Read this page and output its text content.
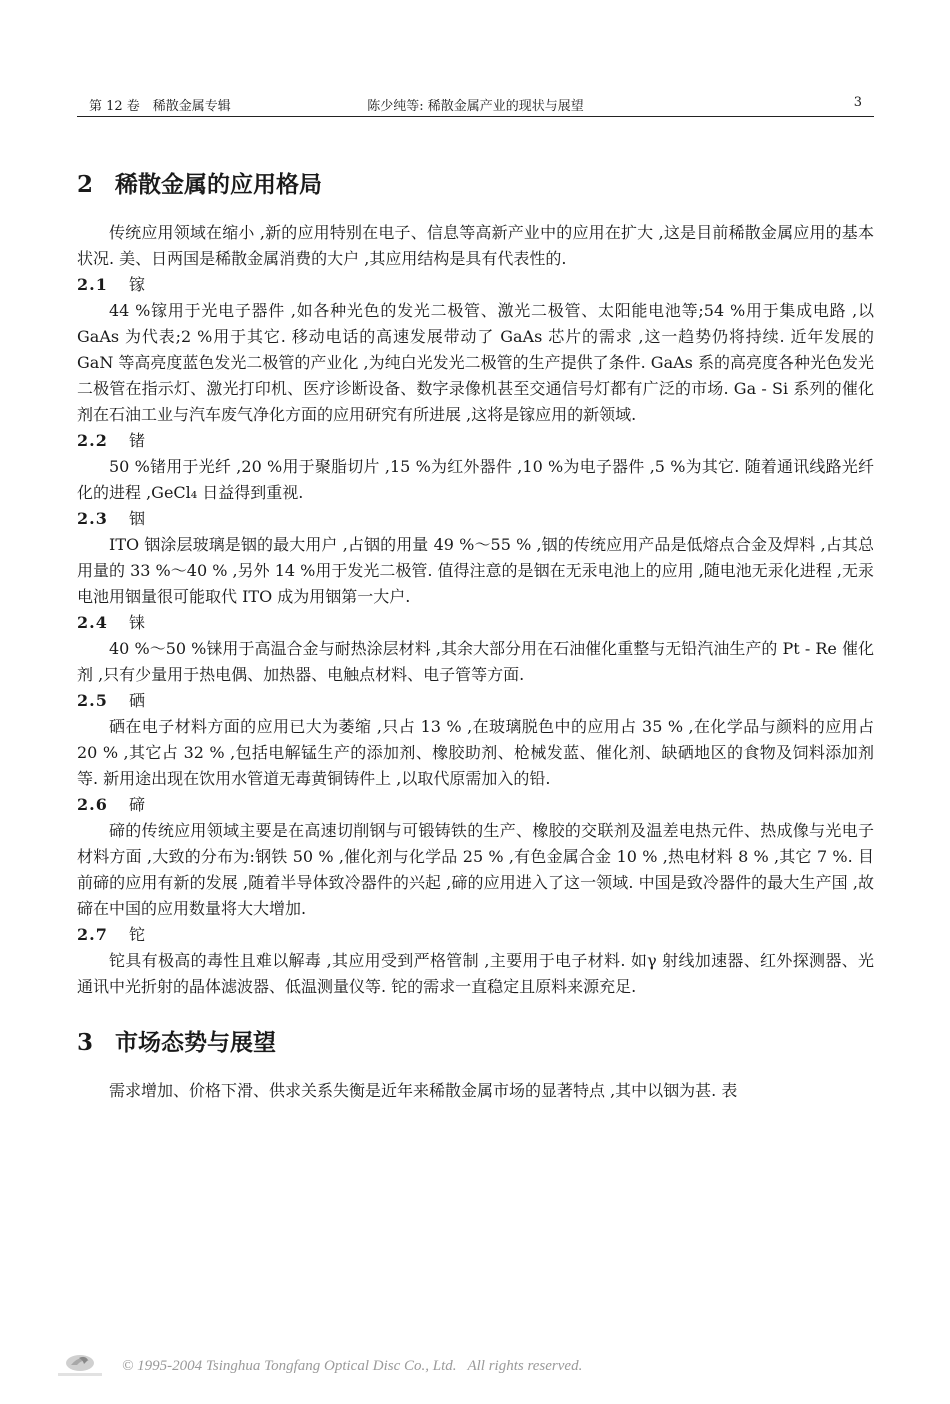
第 12 卷　稀散金属专辑	陈少纯等: 稀散金属产业的现状与展望	3
2 稀散金属的应用格局

传统应用领域在缩小 ,新的应用特别在电子、信息等高新产业中的应用在扩大 ,这是目前稀散金属应用的基本状况. 美、日两国是稀散金属消费的大户 ,其应用结构是具有代表性的.

2.1 镓

44 %镓用于光电子器件 ,如各种光色的发光二极管、激光二极管、太阳能电池等;54 %用于集成电路 ,以 GaAs 为代表;2 %用于其它. 移动电话的高速发展带动了 GaAs 芯片的需求 ,这一趋势仍将持续. 近年发展的 GaN 等高亮度蓝色发光二极管的产业化 ,为纯白光发光二极管的生产提供了条件. GaAs 系的高亮度各种光色发光二极管在指示灯、激光打印机、医疗诊断设备、数字录像机甚至交通信号灯都有广泛的市场. Ga - Si 系列的催化剂在石油工业与汽车废气净化方面的应用研究有所进展 ,这将是镓应用的新领域.

2.2 锗

50 %锗用于光纤 ,20 %用于聚脂切片 ,15 %为红外器件 ,10 %为电子器件 ,5 %为其它. 随着通讯线路光纤化的进程 ,GeCl₄ 日益得到重视.

2.3 铟

ITO 铟涂层玻璃是铟的最大用户 ,占铟的用量 49 %～55 % ,铟的传统应用产品是低熔点合金及焊料 ,占其总用量的 33 %～40 % ,另外 14 %用于发光二极管. 值得注意的是铟在无汞电池上的应用 ,随电池无汞化进程 ,无汞电池用铟量很可能取代 ITO 成为用铟第一大户.

2.4 铼

40 %～50 %铼用于高温合金与耐热涂层材料 ,其余大部分用在石油催化重整与无铅汽油生产的 Pt - Re 催化剂 ,只有少量用于热电偶、加热器、电触点材料、电子管等方面.

2.5 硒

硒在电子材料方面的应用已大为萎缩 ,只占 13 % ,在玻璃脱色中的应用占 35 % ,在化学品与颜料的应用占 20 % ,其它占 32 % ,包括电解锰生产的添加剂、橡胶助剂、枪械发蓝、催化剂、缺硒地区的食物及饲料添加剂等. 新用途出现在饮用水管道无毒黄铜铸件上 ,以取代原需加入的铅.

2.6 碲

碲的传统应用领域主要是在高速切削钢与可锻铸铁的生产、橡胶的交联剂及温差电热元件、热成像与光电子材料方面 ,大致的分布为:钢铁 50 % ,催化剂与化学品 25 % ,有色金属合金 10 % ,热电材料 8 % ,其它 7 %. 目前碲的应用有新的发展 ,随着半导体致冷器件的兴起 ,碲的应用进入了这一领域. 中国是致冷器件的最大生产国 ,故碲在中国的应用数量将大大增加.

2.7 铊

铊具有极高的毒性且难以解毒 ,其应用受到严格管制 ,主要用于电子材料. 如γ 射线加速器、红外探测器、光通讯中光折射的晶体滤波器、低温测量仪等. 铊的需求一直稳定且原料来源充足.

3 市场态势与展望

需求增加、价格下滑、供求关系失衡是近年来稀散金属市场的显著特点 ,其中以铟为甚. 表

© 1995-2004 Tsinghua Tongfang Optical Disc Co., Ltd.   All rights reserved.
